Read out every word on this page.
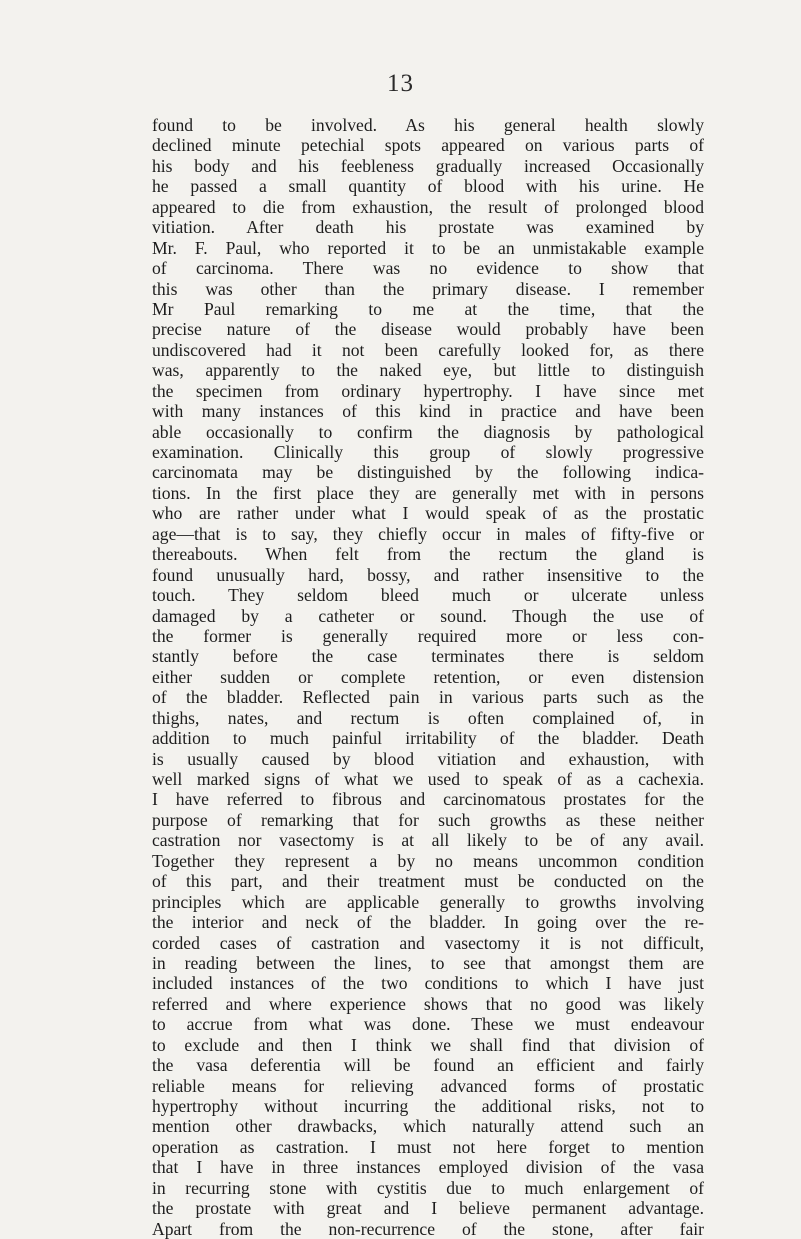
13
found to be involved. As his general health slowly
declined minute petechial spots appeared on various parts of
his body and his feebleness gradually increased Occasionally
he passed a small quantity of blood with his urine. He
appeared to die from exhaustion, the result of prolonged blood
vitiation. After death his prostate was examined by
Mr. F. Paul, who reported it to be an unmistakable example
of carcinoma. There was no evidence to show that
this was other than the primary disease. I remember
Mr Paul remarking to me at the time, that the
precise nature of the disease would probably have been
undiscovered had it not been carefully looked for, as there
was, apparently to the naked eye, but little to distinguish
the specimen from ordinary hypertrophy. I have since met
with many instances of this kind in practice and have been
able occasionally to confirm the diagnosis by pathological
examination. Clinically this group of slowly progressive
carcinomata may be distinguished by the following indica-
tions. In the first place they are generally met with in persons
who are rather under what I would speak of as the prostatic
age—that is to say, they chiefly occur in males of fifty-five or
thereabouts. When felt from the rectum the gland is
found unusually hard, bossy, and rather insensitive to the
touch. They seldom bleed much or ulcerate unless
damaged by a catheter or sound. Though the use of
the former is generally required more or less con-
stantly before the case terminates there is seldom
either sudden or complete retention, or even distension
of the bladder. Reflected pain in various parts such as the
thighs, nates, and rectum is often complained of, in
addition to much painful irritability of the bladder. Death
is usually caused by blood vitiation and exhaustion, with
well marked signs of what we used to speak of as a cachexia.
I have referred to fibrous and carcinomatous prostates for the
purpose of remarking that for such growths as these neither
castration nor vasectomy is at all likely to be of any avail.
Together they represent a by no means uncommon condition
of this part, and their treatment must be conducted on the
principles which are applicable generally to growths involving
the interior and neck of the bladder. In going over the re-
corded cases of castration and vasectomy it is not difficult,
in reading between the lines, to see that amongst them are
included instances of the two conditions to which I have just
referred and where experience shows that no good was likely
to accrue from what was done. These we must endeavour
to exclude and then I think we shall find that division of
the vasa deferentia will be found an efficient and fairly
reliable means for relieving advanced forms of prostatic
hypertrophy without incurring the additional risks, not to
mention other drawbacks, which naturally attend such an
operation as castration. I must not here forget to mention
that I have in three instances employed division of the vasa
in recurring stone with cystitis due to much enlargement of
the prostate with great and I believe permanent advantage.
Apart from the non-recurrence of the stone, after fair
